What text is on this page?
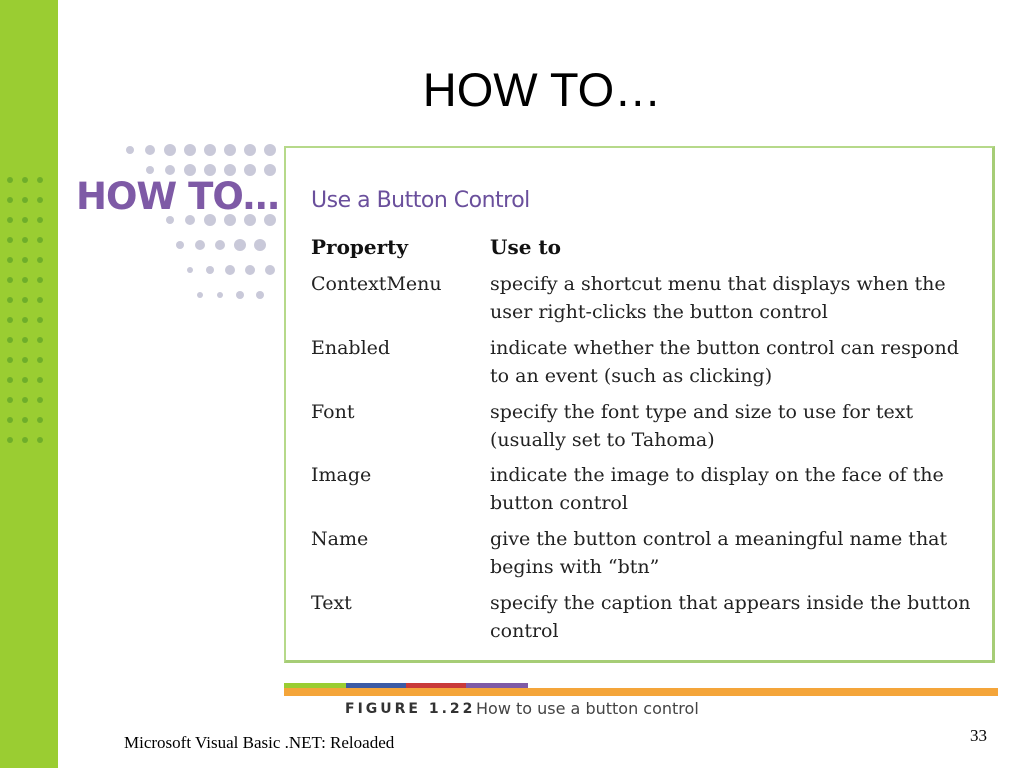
HOW TO…
HOW TO… Use a Button Control
Property	Use to
ContextMenu	specify a shortcut menu that displays when the user right-clicks the button control
Enabled	indicate whether the button control can respond to an event (such as clicking)
Font	specify the font type and size to use for text (usually set to Tahoma)
Image	indicate the image to display on the face of the button control
Name	give the button control a meaningful name that begins with “btn”
Text	specify the caption that appears inside the button control
FIGURE 1.22 How to use a button control
Microsoft Visual Basic .NET: Reloaded	33
